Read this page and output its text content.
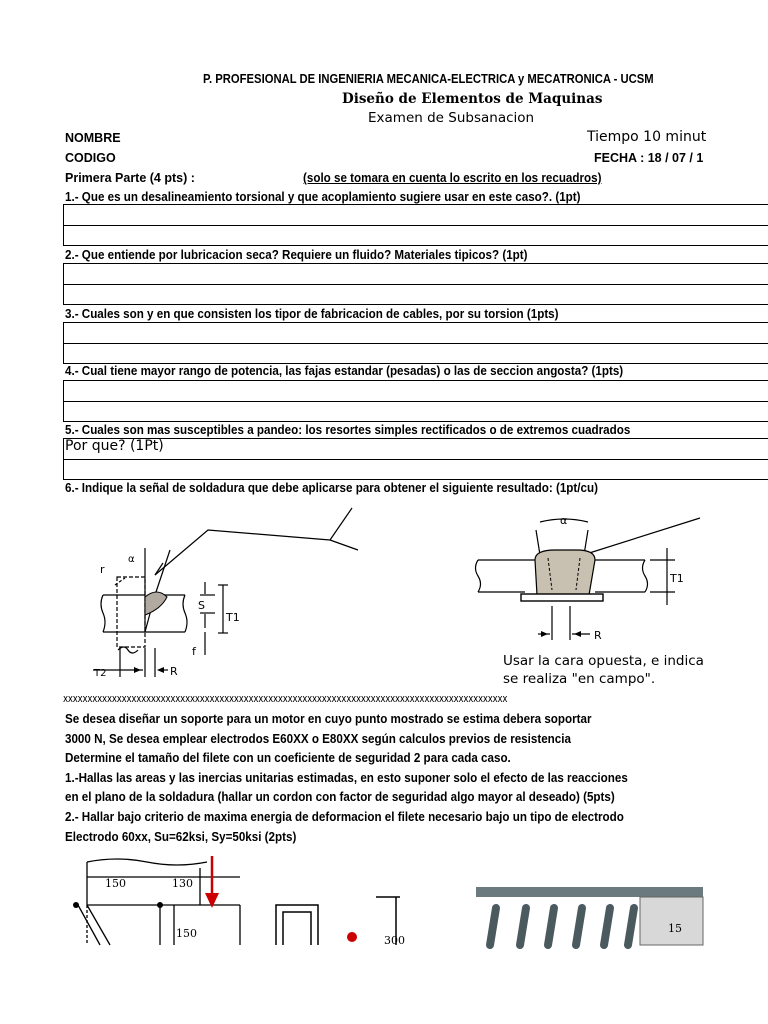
P. PROFESIONAL DE INGENIERIA MECANICA-ELECTRICA y MECATRONICA - UCSM
Diseño de Elementos de Maquinas
Examen de Subsanacion
NOMBRE	Tiempo 10 minut
CODIGO	FECHA : 18 / 07 / 1
Primera Parte (4 pts) :	(solo se tomara en cuenta lo escrito en los recuadros)
1.- Que es un desalineamiento torsional y que acoplamiento sugiere usar en este caso?. (1pt)
2.- Que entiende por lubricacion seca? Requiere un fluido? Materiales tipicos? (1pt)
3.- Cuales son y en que consisten los tipor de fabricacion de cables, por su torsion (1pts)
4.- Cual tiene mayor rango de potencia, las fajas estandar (pesadas) o las de seccion angosta? (1pts)
5.- Cuales son mas susceptibles a pandeo: los resortes simples rectificados o de extremos cuadrados
Por que? (1Pt)
6.- Indique la señal de soldadura que debe aplicarse para obtener el siguiente resultado: (1pt/cu)
α
r
S
T1
f
T2	R
α
T1
R
Usar la cara opuesta, e indica
se realiza "en campo".
xxxxxxxxxxxxxxxxxxxxxxxxxxxxxxxxxxxxxxxxxxxxxxxxxxxxxxxxxxxxxxxxxxxxxxxxxxxxxxxxxxxxxxxxxxx
Se desea diseñar un soporte para un motor en cuyo punto mostrado se estima debera soportar
3000 N, Se desea emplear electrodos E60XX o E80XX según calculos previos de resistencia
Determine el tamaño del filete con un coeficiente de seguridad 2 para cada caso.
1.-Hallas las areas y las inercias unitarias estimadas, en esto suponer solo el efecto de las reacciones
en el plano de la soldadura (hallar un cordon con factor de seguridad algo mayor al deseado) (5pts)
2.- Hallar bajo criterio de maxima energia de deformacion el filete necesario bajo un tipo de electrodo
Electrodo 60xx, Su=62ksi, Sy=50ksi (2pts)
150	130
150
300
15
